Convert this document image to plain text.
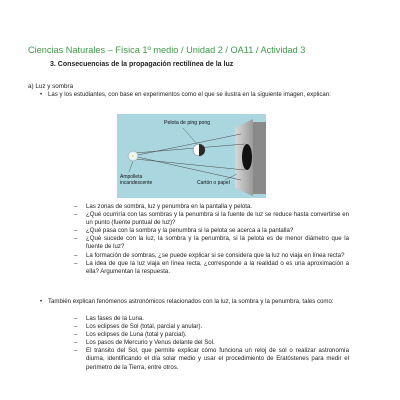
Ciencias Naturales – Física 1º medio / Unidad 2 / OA11 / Actividad 3
3. Consecuencias de la propagación rectilínea de la luz
a) Luz y sombra
• Las y los estudiantes, con base en experimentos como el que se ilustra en la siguiente imagen, explican:
Pelota de ping pong
Ampolleta
incandescente	Cartón o papel
– Las zonas de sombra, luz y penumbra en la pantalla y pelota.
– ¿Qué ocurriría con las sombras y la penumbra si la fuente de luz se reduce hasta convertirse en un punto (fuente puntual de luz)?
– ¿Qué pasa con la sombra y la penumbra si la pelota se acerca a la pantalla?
– ¿Qué sucede con la luz, la sombra y la penumbra, si la pelota es de menor diámetro que la fuente de luz?
– La formación de sombras, ¿se puede explicar si se considera que la luz no viaja en línea recta?
– La idea de que la luz viaja en línea recta, ¿corresponde a la realidad o es una aproximación a ella? Argumentan la respuesta.
• También explican fenómenos astronómicos relacionados con la luz, la sombra y la penumbra, tales como:
– Las fases de la Luna.
– Los eclipses de Sol (total, parcial y anular).
– Los eclipses de Luna (total y parcial).
– Los pasos de Mercurio y Venus delante del Sol.
– El tránsito del Sol, que permite explicar cómo funciona un reloj de sol o realizar astronomía diurna, identificando el día solar medio y usar el procedimiento de Eratóstenes para medir el perímetro de la Tierra, entre otros.
